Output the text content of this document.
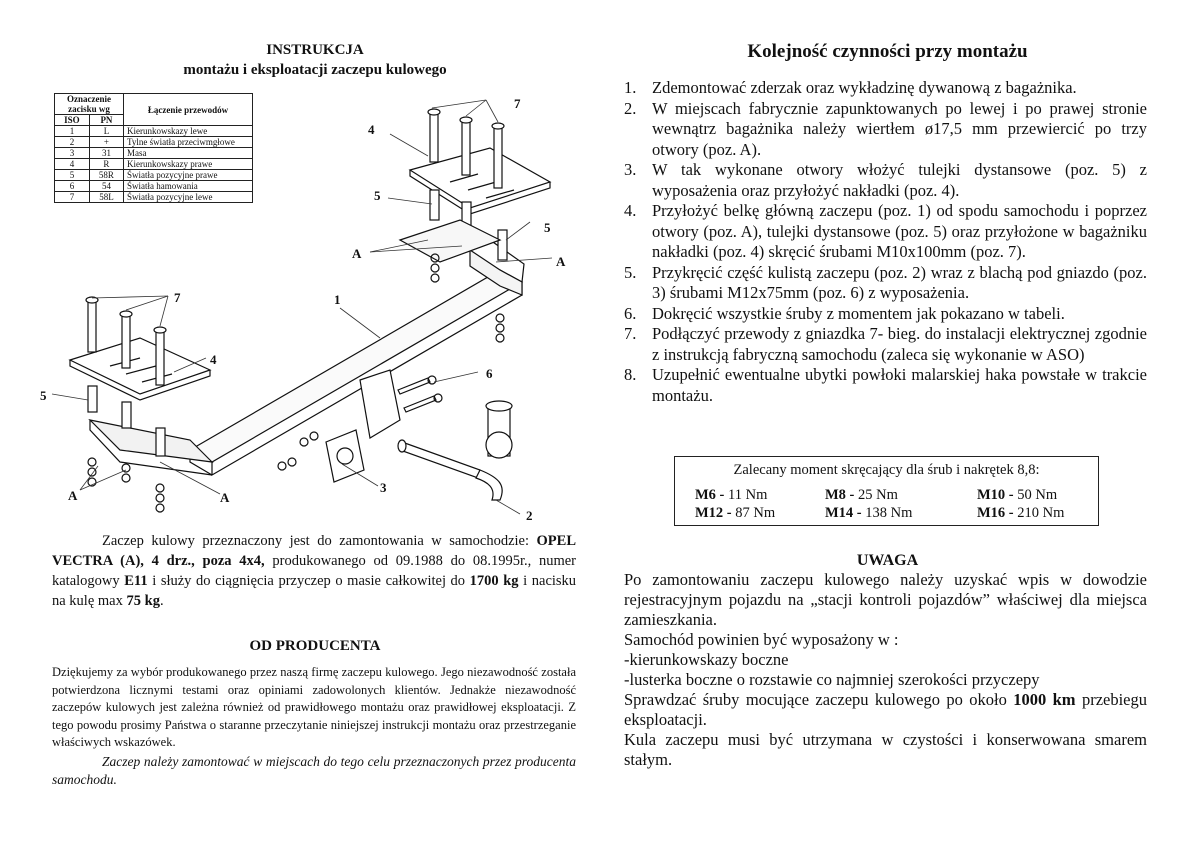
INSTRUKCJA
montażu i eksploatacji zaczepu kulowego
Oznaczenie zacisku wg		Łączenie przewodów
ISO	PN	
1	L	Kierunkowskazy lewe
2	+	Tylne światła przeciwmgłowe
3	31	Masa
4	R	Kierunkowskazy prawe
5	58R	Światła pozycyjne prawe
6	54	Światła hamowania
7	58L	Światła pozycyjne lewe
7
4
5
5
A
A
7	1
4
5
6
3
A	A
2
Zaczep kulowy przeznaczony jest do zamontowania w samochodzie: OPEL VECTRA (A), 4 drz., poza 4x4, produkowanego od 09.1988 do 08.1995r., numer katalogowy E11 i służy do ciągnięcia przyczep o masie całkowitej do 1700 kg i nacisku na kulę max 75 kg.
OD PRODUCENTA
Dziękujemy za wybór produkowanego przez naszą firmę zaczepu kulowego. Jego niezawodność została potwierdzona licznymi testami oraz opiniami zadowolonych klientów. Jednakże niezawodność zaczepów kulowych jest zależna również od prawidłowego montażu oraz prawidłowej eksploatacji. Z tego powodu prosimy Państwa o staranne przeczytanie niniejszej instrukcji montażu oraz przestrzeganie właściwych wskazówek.
Zaczep należy zamontować w miejscach do tego celu przeznaczonych przez producenta samochodu.
Kolejność czynności przy montażu
1. Zdemontować zderzak oraz wykładzinę dywanową z bagażnika.
2. W miejscach fabrycznie zapunktowanych po lewej i po prawej stronie wewnątrz bagażnika należy wiertłem ø17,5 mm przewiercić po trzy otwory (poz. A).
3. W tak wykonane otwory włożyć tulejki dystansowe (poz. 5) z wyposażenia oraz przyłożyć nakładki (poz. 4).
4. Przyłożyć belkę główną zaczepu (poz. 1) od spodu samochodu i poprzez otwory (poz. A), tulejki dystansowe (poz. 5) oraz przyłożone w bagażniku nakładki (poz. 4) skręcić śrubami M10x100mm (poz. 7).
5. Przykręcić część kulistą zaczepu (poz. 2) wraz z blachą pod gniazdo (poz. 3) śrubami M12x75mm (poz. 6) z wyposażenia.
6. Dokręcić wszystkie śruby z momentem jak pokazano w tabeli.
7. Podłączyć przewody z gniazdka 7- bieg. do instalacji elektrycznej zgodnie z instrukcją fabryczną samochodu (zaleca się wykonanie w ASO)
8. Uzupełnić ewentualne ubytki powłoki malarskiej haka powstałe w trakcie montażu.
Zalecany moment skręcający dla śrub i nakrętek 8,8:
M6 - 11 Nm	M8 - 25 Nm	M10 - 50 Nm
M12 - 87 Nm	M14 - 138 Nm	M16 - 210 Nm
UWAGA

Po zamontowaniu zaczepu kulowego należy uzyskać wpis w dowodzie rejestracyjnym pojazdu na „stacji kontroli pojazdów” właściwej dla miejsca zamieszkania.

Samochód powinien być wyposażony w :

-kierunkowskazy boczne

-lusterka boczne o rozstawie co najmniej szerokości przyczepy

Sprawdzać śruby mocujące zaczepu kulowego po około 1000 km przebiegu eksploatacji.

Kula zaczepu musi być utrzymana w czystości i konserwowana smarem stałym.
